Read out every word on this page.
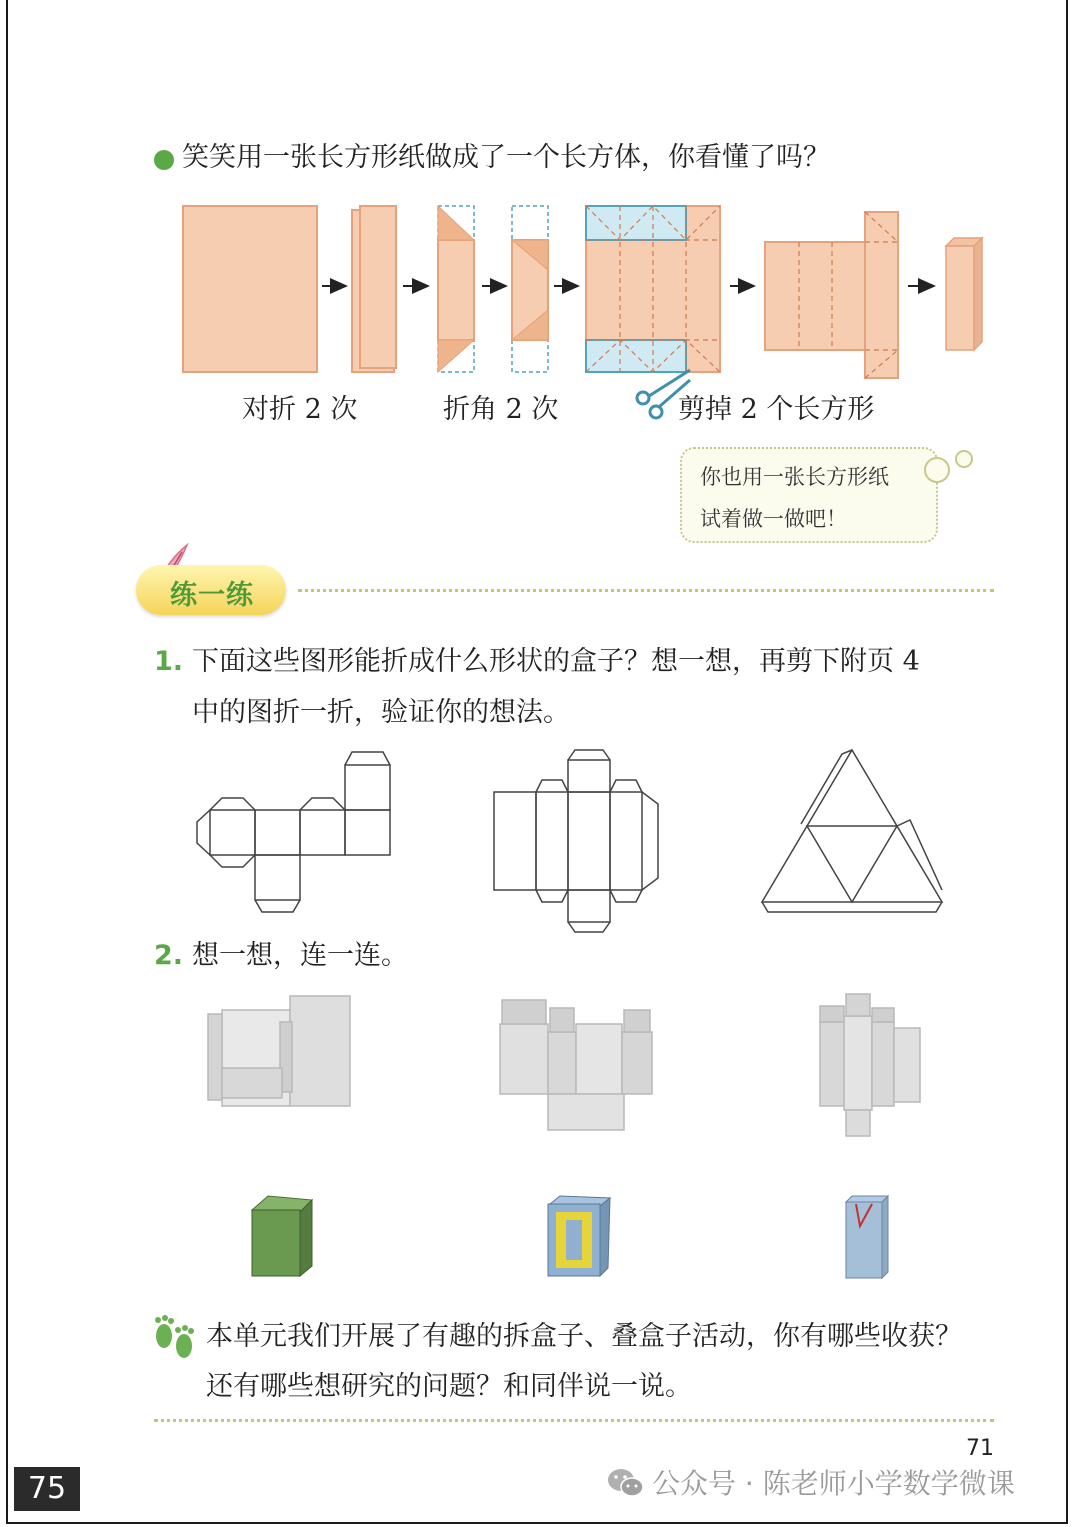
笑笑用一张长方形纸做成了一个长方体，你看懂了吗？
对折 2 次	折角 2 次	剪掉 2 个长方形
你也用一张长方形纸
试着做一做吧！
练一练
1. 下面这些图形能折成什么形状的盒子？想一想，再剪下附页 4
中的图折一折，验证你的想法。
2. 想一想，连一连。
本单元我们开展了有趣的拆盒子、叠盒子活动，你有哪些收获？
还有哪些想研究的问题？和同伴说一说。
71
75	公众号 · 陈老师小学数学微课
